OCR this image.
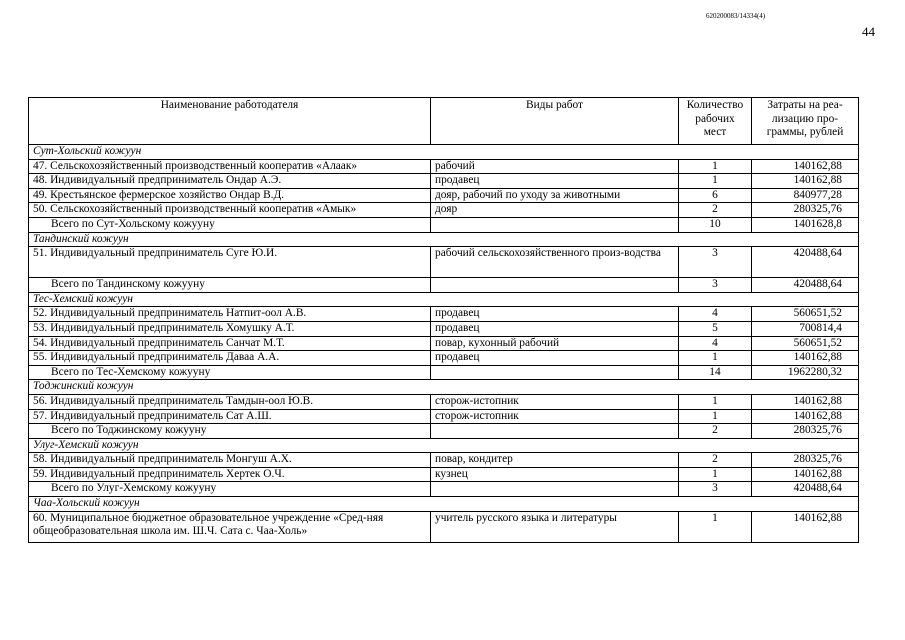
620200083/14334(4)
44
Наименование работодателя	Виды работ	Количество рабочих мест	Затраты на реа-лизацию про-граммы, рублей
Сут-Хольский кожуун			
47. Сельскохозяйственный производственный кооператив «Алаак»	рабочий	1	140162,88
48. Индивидуальный предприниматель Ондар А.Э.	продавец	1	140162,88
49. Крестьянское фермерское хозяйство Ондар В.Д.	дояр, рабочий по уходу за животными	6	840977,28
50. Сельскохозяйственный производственный кооператив «Амык»	дояр	2	280325,76
Всего по Сут-Хольскому кожууну		10	1401628,8
Тандинский кожуун			
51. Индивидуальный предприниматель Суге Ю.И.	рабочий сельскохозяйственного произ-водства	3	420488,64
Всего по Тандинскому кожууну		3	420488,64
Тес-Хемский кожуун			
52. Индивидуальный предприниматель Натпит-оол А.В.	продавец	4	560651,52
53. Индивидуальный предприниматель Хомушку А.Т.	продавец	5	700814,4
54. Индивидуальный предприниматель Санчат М.Т.	повар, кухонный рабочий	4	560651,52
55. Индивидуальный предприниматель Даваа А.А.	продавец	1	140162,88
Всего по Тес-Хемскому кожууну		14	1962280,32
Тоджинский кожуун			
56. Индивидуальный предприниматель Тамдын-оол Ю.В.	сторож-истопник	1	140162,88
57. Индивидуальный предприниматель Сат А.Ш.	сторож-истопник	1	140162,88
Всего по Тоджинскому кожууну		2	280325,76
Улуг-Хемский кожуун			
58. Индивидуальный предприниматель Монгуш А.Х.	повар, кондитер	2	280325,76
59. Индивидуальный предприниматель Хертек О.Ч.	кузнец	1	140162,88
Всего по Улуг-Хемскому кожууну		3	420488,64
Чаа-Хольский кожуун			
60. Муниципальное бюджетное образовательное учреждение «Сред-няя общеобразовательная школа им. Ш.Ч. Сата с. Чаа-Холь»	учитель русского языка и литературы	1	140162,88
